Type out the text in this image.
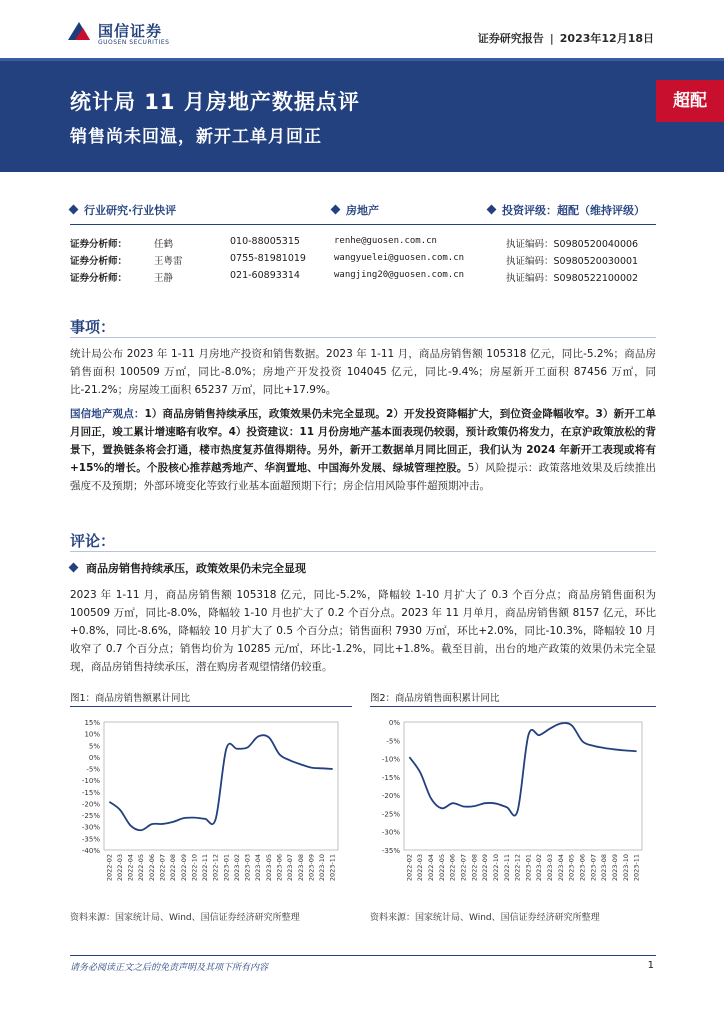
国信证券
GUOSEN SECURITIES	证券研究报告 | 2023年12月18日
统计局 11 月房地产数据点评
销售尚未回温，新开工单月回正
超配
行业研究·行业快评	房地产	投资评级：超配（维持评级）
证券分析师：	任鹤	010-88005315	renhe@guosen.com.cn	执证编码：S0980520040006
证券分析师：	王粤雷	0755-81981019	wangyuelei@guosen.com.cn	执证编码：S0980520030001
证券分析师：	王静	021-60893314	wangjing20@guosen.com.cn	执证编码：S0980522100002
事项：
统计局公布 2023 年 1-11 月房地产投资和销售数据。2023 年 1-11 月，商品房销售额 105318 亿元，同比-5.2%；商品房销售面积 100509 万㎡，同比-8.0%；房地产开发投资 104045 亿元，同比-9.4%；房屋新开工面积 87456 万㎡，同比-21.2%；房屋竣工面积 65237 万㎡，同比+17.9%。
国信地产观点：1）商品房销售持续承压，政策效果仍未完全显现。2）开发投资降幅扩大，到位资金降幅收窄。3）新开工单月回正，竣工累计增速略有收窄。4）投资建议：11 月份房地产基本面表现仍较弱，预计政策仍将发力，在京沪政策放松的背景下，置换链条将会打通，楼市热度复苏值得期待。另外，新开工数据单月同比回正，我们认为 2024 年新开工表现或将有+15%的增长。个股核心推荐越秀地产、华润置地、中国海外发展、绿城管理控股。5）风险提示：政策落地效果及后续推出强度不及预期；外部环境变化等致行业基本面超预期下行；房企信用风险事件超预期冲击。
评论：
商品房销售持续承压，政策效果仍未完全显现
2023 年 1-11 月，商品房销售额 105318 亿元，同比-5.2%，降幅较 1-10 月扩大了 0.3 个百分点；商品房销售面积为 100509 万㎡，同比-8.0%，降幅较 1-10 月也扩大了 0.2 个百分点。2023 年 11 月单月，商品房销售额 8157 亿元，环比+0.8%，同比-8.6%，降幅较 10 月扩大了 0.5 个百分点；销售面积 7930 万㎡，环比+2.0%，同比-10.3%，降幅较 10 月收窄了 0.7 个百分点；销售均价为 10285 元/㎡，环比-1.2%，同比+1.8%。截至目前，出台的地产政策的效果仍未完全显现，商品房销售持续承压，潜在购房者观望情绪仍较重。
图1：商品房销售额累计同比
15%
10%
5%
0%
-5%
-10%
-15%
-20%
-25%
-30%
-35%
-40%
2022-02 2022-03 2022-04 2022-05 2022-06 2022-07 2022-08 2022-09 2022-10 2022-11 2022-12 2023-01 2023-02 2023-03 2023-04 2023-05 2023-06 2023-07 2023-08 2023-09 2023-10 2023-11
资料来源：国家统计局、Wind、国信证券经济研究所整理
图2：商品房销售面积累计同比
0%
-5%
-10%
-15%
-20%
-25%
-30%
-35%
2022-02 2022-03 2022-04 2022-05 2022-06 2022-07 2022-08 2022-09 2022-10 2022-11 2022-12 2023-01 2023-02 2023-03 2023-04 2023-05 2023-06 2023-07 2023-08 2023-09 2023-10 2023-11
资料来源：国家统计局、Wind、国信证券经济研究所整理
请务必阅读正文之后的免责声明及其项下所有内容	1
